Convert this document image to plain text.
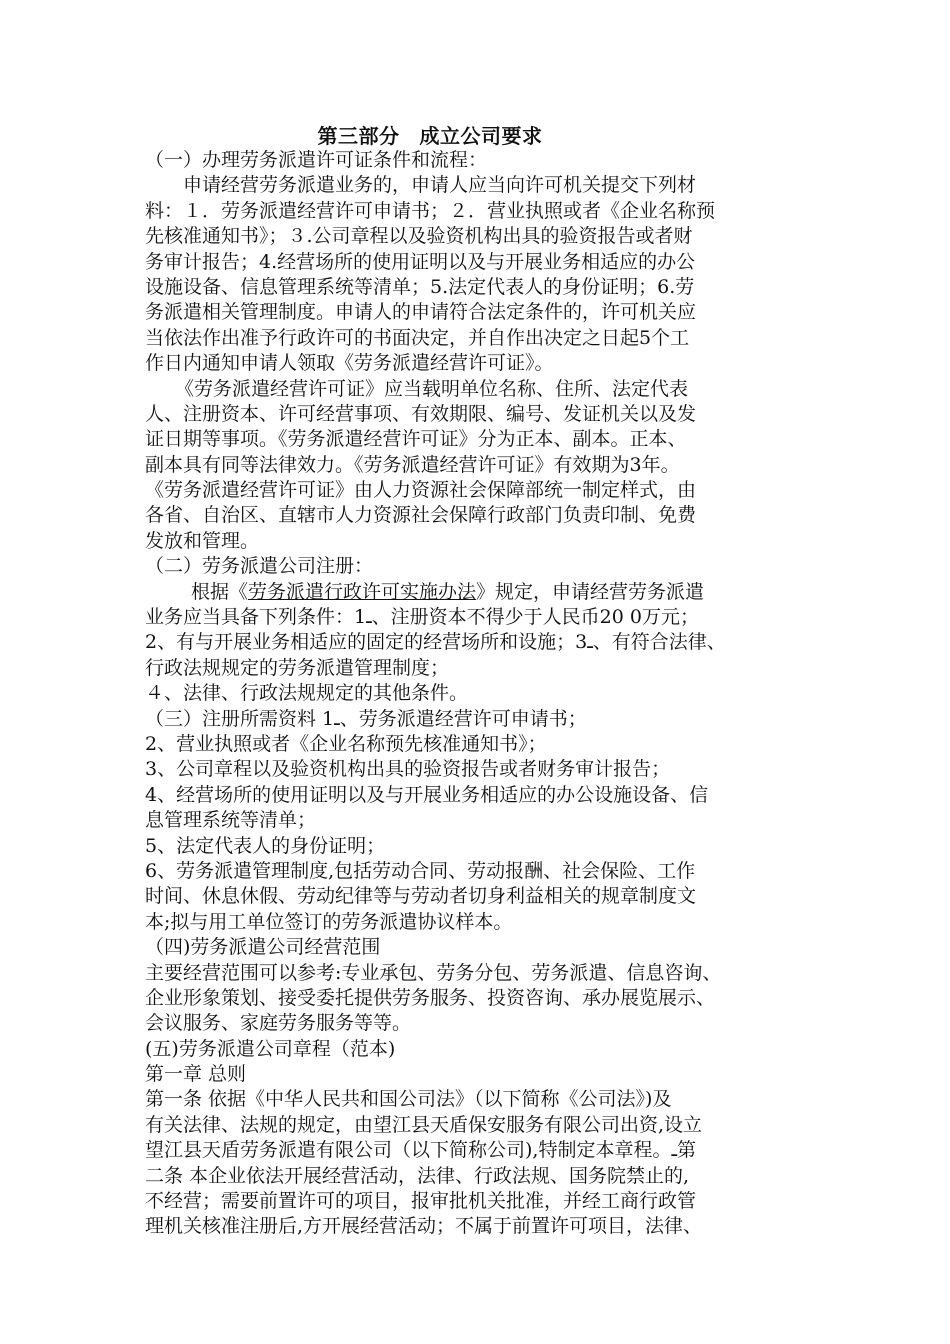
第三部分 成立公司要求
（一）办理劳务派遣许可证条件和流程：
申请经营劳务派遣业务的，申请人应当向许可机关提交下列材
料：１．劳务派遣经营许可申请书；２．营业执照或者《企业名称预
先核准通知书》；３.公司章程以及验资机构出具的验资报告或者财
务审计报告；4.经营场所的使用证明以及与开展业务相适应的办公
设施设备、信息管理系统等清单；5.法定代表人的身份证明；6.劳
务派遣相关管理制度。申请人的申请符合法定条件的，许可机关应
当依法作出准予行政许可的书面决定，并自作出决定之日起5个工
作日内通知申请人领取《劳务派遣经营许可证》。
《劳务派遣经营许可证》应当载明单位名称、住所、法定代表
人、注册资本、许可经营事项、有效期限、编号、发证机关以及发
证日期等事项。《劳务派遣经营许可证》分为正本、副本。正本、
副本具有同等法律效力。《劳务派遣经营许可证》有效期为3年。
《劳务派遣经营许可证》由人力资源社会保障部统一制定样式，由
各省、自治区、直辖市人力资源社会保障行政部门负责印制、免费
发放和管理。
（二）劳务派遣公司注册：
根据《劳务派遣行政许可实施办法》规定，申请经营劳务派遣
业务应当具备下列条件：1ـ、注册资本不得少于人民币20 0万元；
2、有与开展业务相适应的固定的经营场所和设施；3ـ、有符合法律、
行政法规规定的劳务派遣管理制度；
４、法律、行政法规规定的其他条件。
（三）注册所需资料 1ـ、劳务派遣经营许可申请书；
2、营业执照或者《企业名称预先核准通知书》；
3、公司章程以及验资机构出具的验资报告或者财务审计报告；
4、经营场所的使用证明以及与开展业务相适应的办公设施设备、信
息管理系统等清单；
5、法定代表人的身份证明；
6、劳务派遣管理制度,包括劳动合同、劳动报酬、社会保险、工作
时间、休息休假、劳动纪律等与劳动者切身利益相关的规章制度文
本;拟与用工单位签订的劳务派遣协议样本。
（四)劳务派遣公司经营范围
主要经营范围可以参考:专业承包、劳务分包、劳务派遣、信息咨询、
企业形象策划、接受委托提供劳务服务、投资咨询、承办展览展示、
会议服务、家庭劳务服务等等。
(五)劳务派遣公司章程（范本)
第一章 总则
第一条 依据《中华人民共和国公司法》（以下简称《公司法》)及
有关法律、法规的规定，由望江县天盾保安服务有限公司出资,设立
望江县天盾劳务派遣有限公司（以下简称公司),特制定本章程。ـ第
二条 本企业依法开展经营活动，法律、行政法规、国务院禁止的,
不经营；需要前置许可的项目，报审批机关批准，并经工商行政管
理机关核准注册后,方开展经营活动；不属于前置许可项目，法律、
